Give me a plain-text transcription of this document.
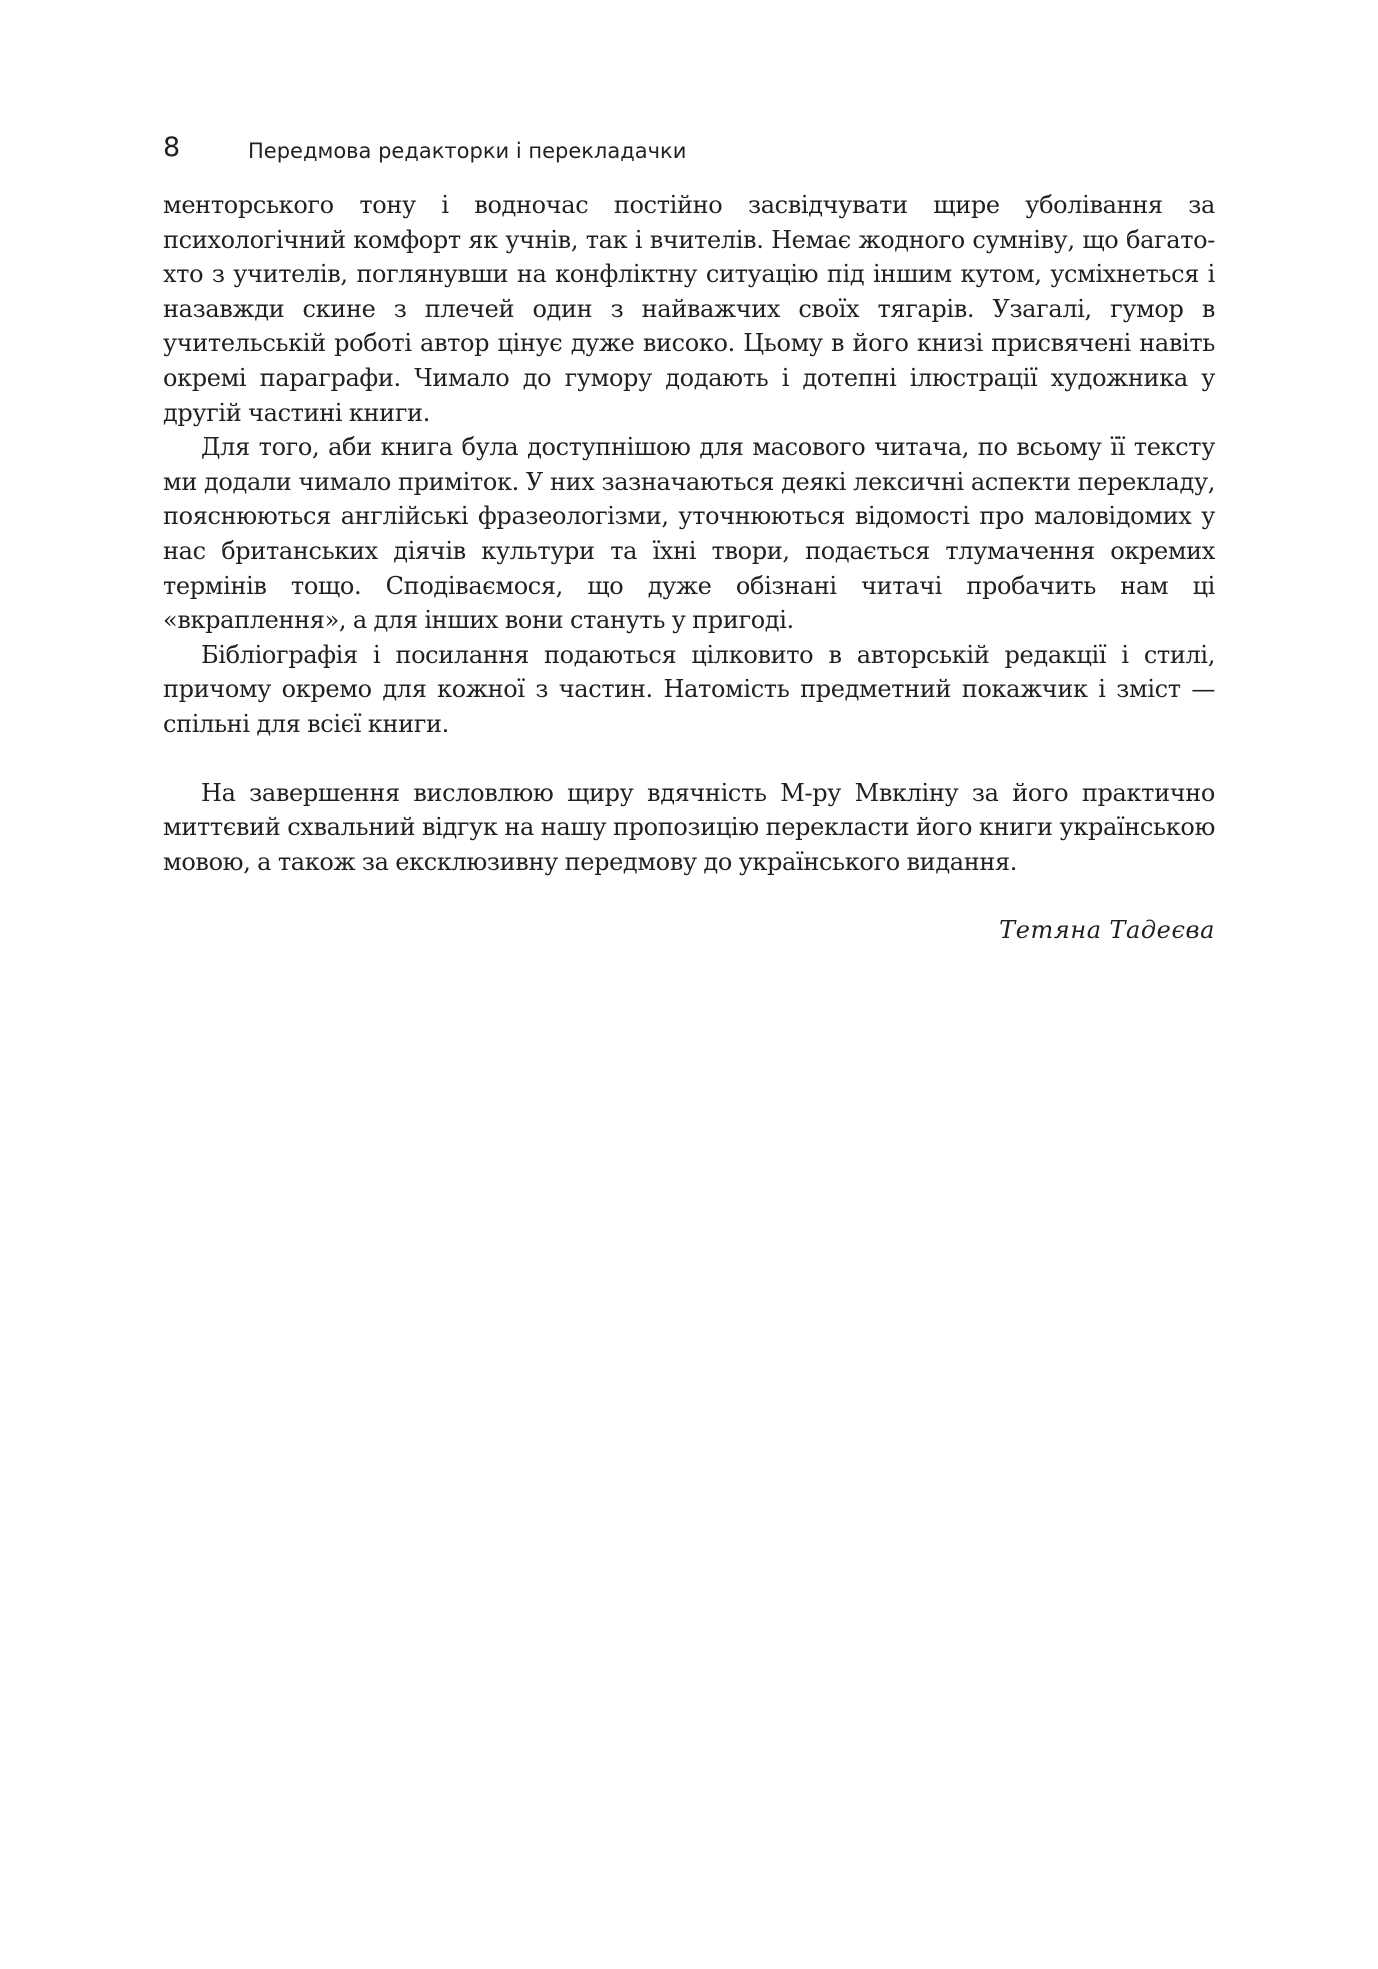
8	Передмова редакторки і перекладачки

менторського тону і водночас постійно засвідчувати щире уболівання за психологічний комфорт як учнів, так і вчителів. Немає жодного сумніву, що багато-хто з учителів, поглянувши на конфліктну ситуацію під іншим кутом, усміхнеться і назавжди скине з плечей один з найважчих своїх тягарів. Узагалі, гумор в учительській роботі автор цінує дуже високо. Цьому в його книзі присвячені навіть окремі параграфи. Чимало до гумору додають і дотепні ілюстрації художника у другій частині книги.

Для того, аби книга була доступнішою для масового читача, по всьому її тексту ми додали чимало приміток. У них зазначаються деякі лексичні аспекти перекладу, пояснюються англійські фразеологізми, уточнюються відомості про маловідомих у нас британських діячів культури та їхні твори, подається тлумачення окремих термінів тощо. Сподіваємося, що дуже обізнані читачі пробачить нам ці «вкраплення», а для інших вони стануть у пригоді.

Бібліографія і посилання подаються цілковито в авторській редакції і стилі, причому окремо для кожної з частин. Натомість предметний покажчик і зміст — спільні для всієї книги.

На завершення висловлюю щиру вдячність М-ру Мвкліну за його практично миттєвий схвальний відгук на нашу пропозицію перекласти його книги українською мовою, а також за ексклюзивну передмову до українського видання.

Тетяна Тадеєва
